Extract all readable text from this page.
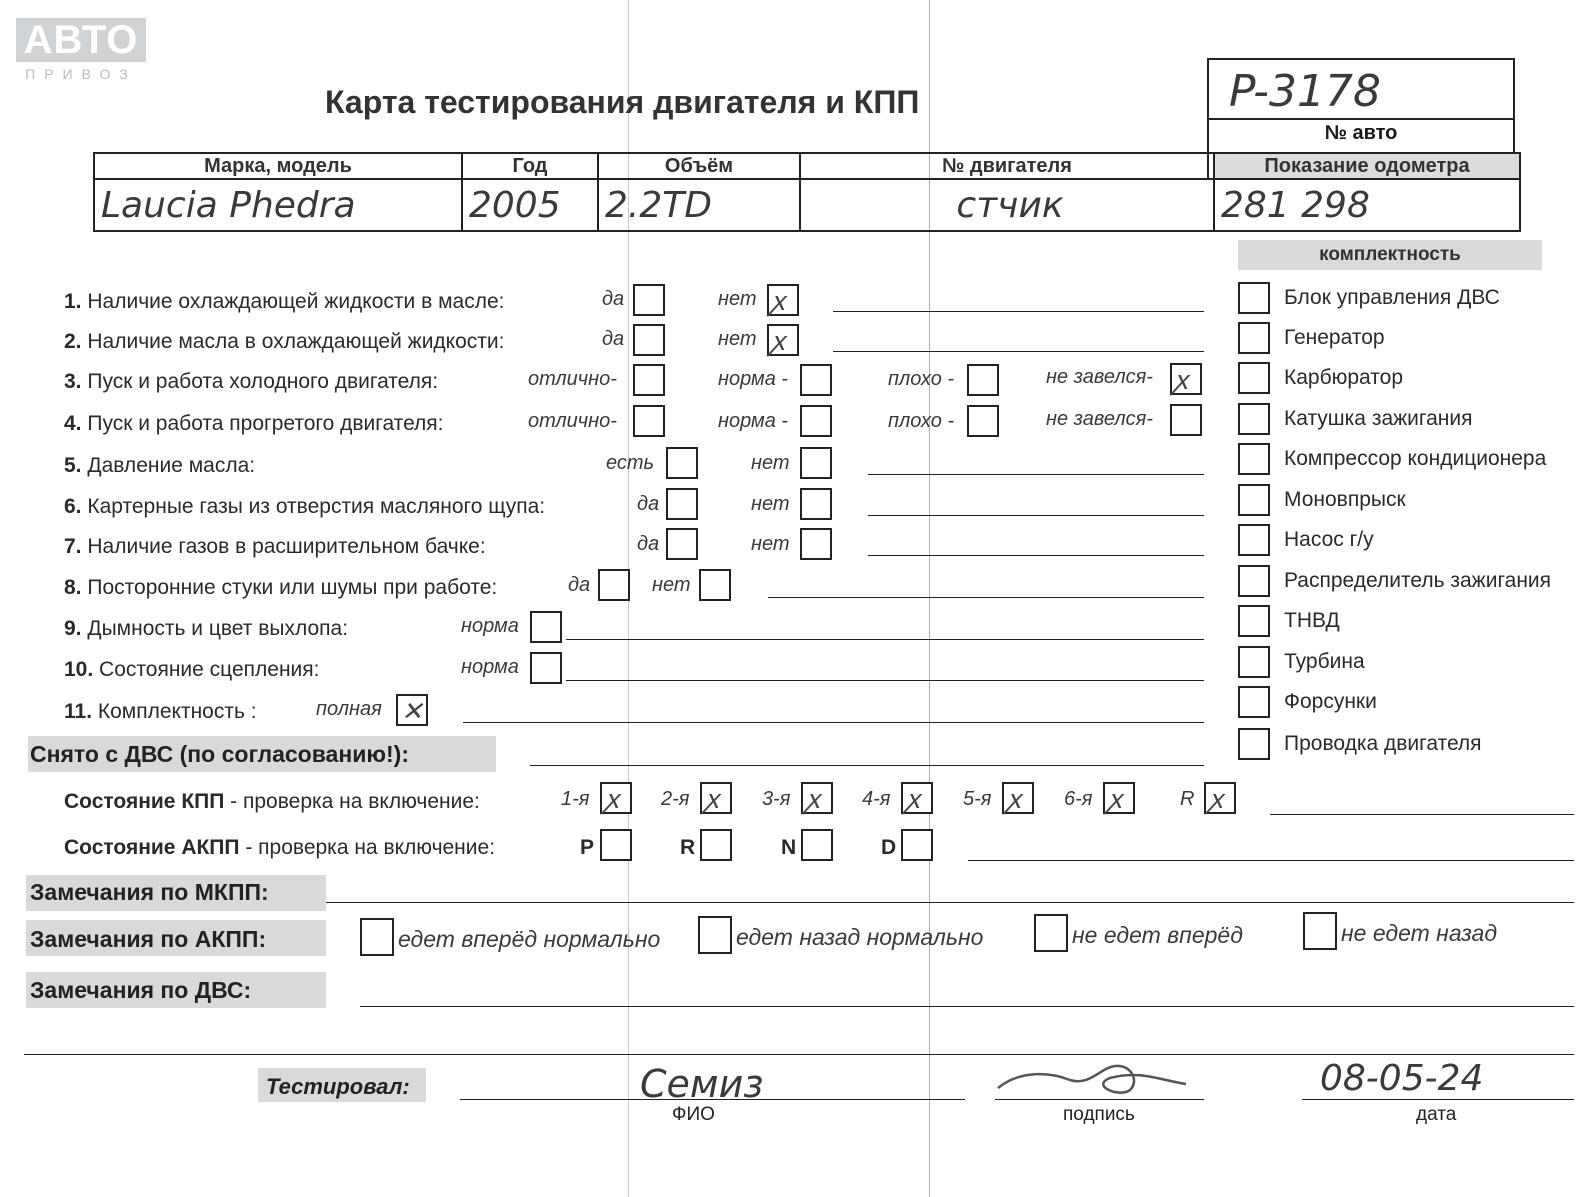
АВТО
ПРИВОЗ
Карта тестирования двигателя и КПП	P-3178
№ авто
Марка, модель	Год	Объём	№ двигателя	Показание одометра
Laucia Phedra	2005	2.2TD	стчик	281 298
1. Наличие охлаждающей жидкости в масле:	да	нет ꭗ
2. Наличие масла в охлаждающей жидкости:	да	нет ꭗ
3. Пуск и работа холодного двигателя:	отлично-	норма -	плохо -	не завелся- ꭗ
4. Пуск и работа прогретого двигателя:	отлично-	норма -	плохо -	не завелся-
5. Давление масла:	есть	нет
6. Картерные газы из отверстия масляного щупа:	да	нет
7. Наличие газов в расширительном бачке:	да	нет
8. Посторонние стуки или шумы при работе:	да	нет
9. Дымность и цвет выхлопа:	норма
10. Состояние сцепления:	норма
11. Комплектность :	полная ✕
комплектность
Блок управления ДВС
Генератор
Карбюратор
Катушка зажигания
Компрессор кондиционера
Моновпрыск
Насос г/у
Распределитель зажигания
ТНВД
Турбина
Форсунки
Проводка двигателя
Снято с ДВС (по согласованию!):
Состояние КПП - проверка на включение:	1-я ꭗ 2-я ꭗ 3-я ꭗ 4-я ꭗ 5-я ꭗ 6-я ꭗ	R ꭗ
Состояние АКПП - проверка на включение:	P	R	N	D
Замечания по МКПП:
Замечания по АКПП:	едет вперёд нормально	едет назад нормально	не едет вперёд	не едет назад
Замечания по ДВС:
Тестировал:	Семиз
ФИО	подпись
08-05-24
дата
